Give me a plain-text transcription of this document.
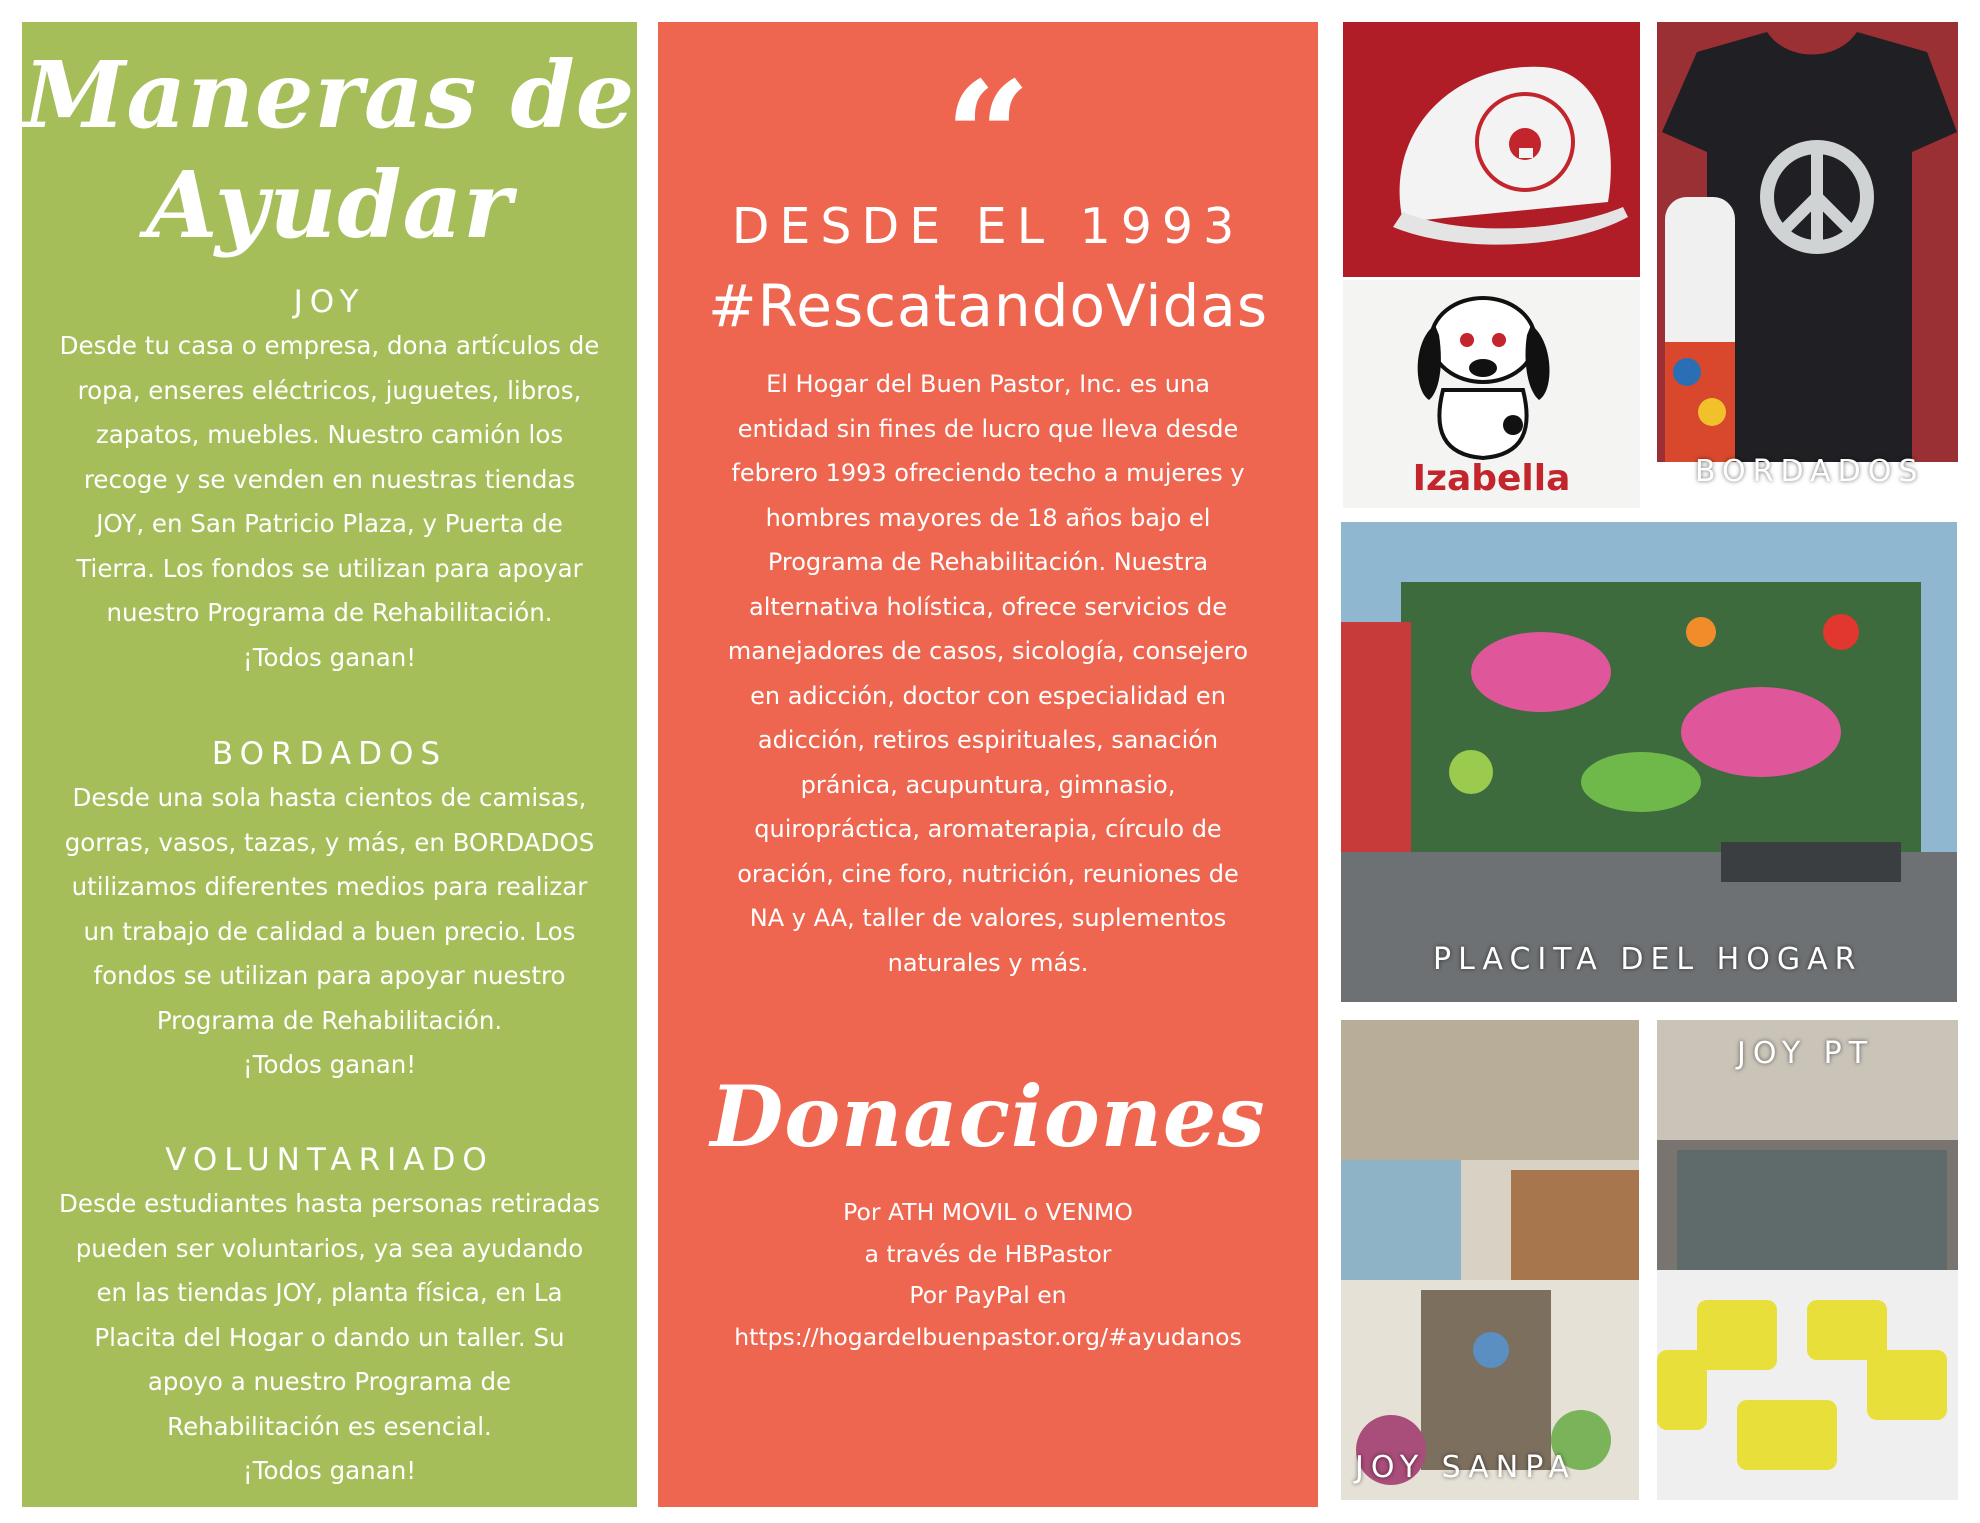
Maneras de
Ayudar
JOY
Desde tu casa o empresa, dona artículos de
ropa, enseres eléctricos, juguetes, libros,
zapatos, muebles. Nuestro camión los
recoge y se venden en nuestras tiendas
JOY, en San Patricio Plaza, y Puerta de
Tierra. Los fondos se utilizan para apoyar
nuestro Programa de Rehabilitación.
¡Todos ganan!
BORDADOS
Desde una sola hasta cientos de camisas,
gorras, vasos, tazas, y más, en BORDADOS
utilizamos diferentes medios para realizar
un trabajo de calidad a buen precio. Los
fondos se utilizan para apoyar nuestro
Programa de Rehabilitación.
¡Todos ganan!
VOLUNTARIADO
Desde estudiantes hasta personas retiradas
pueden ser voluntarios, ya sea ayudando
en las tiendas JOY, planta física, en La
Placita del Hogar o dando un taller. Su
apoyo a nuestro Programa de
Rehabilitación es esencial.
¡Todos ganan!
“
DESDE EL 1993
#RescatandoVidas
El Hogar del Buen Pastor, Inc. es una
entidad sin fines de lucro que lleva desde
febrero 1993 ofreciendo techo a mujeres y
hombres mayores de 18 años bajo el
Programa de Rehabilitación. Nuestra
alternativa holística, ofrece servicios de
manejadores de casos, sicología, consejero
en adicción, doctor con especialidad en
adicción, retiros espirituales, sanación
pránica, acupuntura, gimnasio,
quiropráctica, aromaterapia, círculo de
oración, cine foro, nutrición, reuniones de
NA y AA, taller de valores, suplementos
naturales y más.
Donaciones
Por ATH MOVIL o VENMO
a través de HBPastor
Por PayPal en
https://hogardelbuenpastor.org/#ayudanos
Izabella	BORDADOS
PLACITA DEL HOGAR
JOY SANPA
JOY PT
